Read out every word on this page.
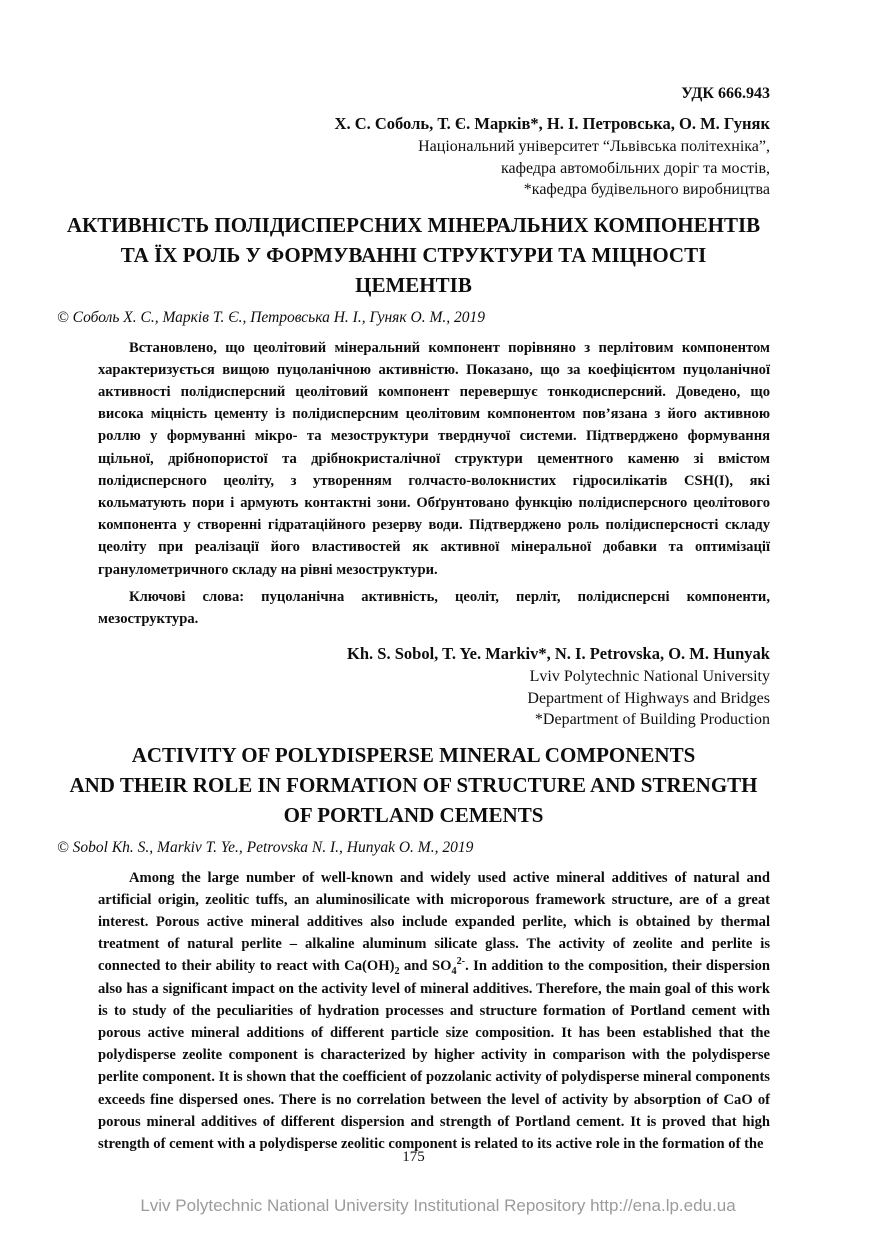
УДК 666.943
Х. С. Соболь, Т. Є. Марків*, Н. І. Петровська, О. М. Гуняк
Національний університет “Львівська політехніка”,
кафедра автомобільних доріг та мостів,
*кафедра будівельного виробництва
АКТИВНІСТЬ ПОЛІДИСПЕРСНИХ МІНЕРАЛЬНИХ КОМПОНЕНТІВ
ТА ЇХ РОЛЬ У ФОРМУВАННІ СТРУКТУРИ ТА МІЦНОСТІ
ЦЕМЕНТІВ
© Соболь Х. С., Марків Т. Є., Петровська Н. І., Гуняк О. М., 2019

Встановлено, що цеолітовий мінеральний компонент порівняно з перлітовим компонентом характеризується вищою пуцоланічною активністю. Показано, що за коефіцієнтом пуцоланічної активності полідисперсний цеолітовий компонент перевершує тонкодисперсний. Доведено, що висока міцність цементу із полідисперсним цеолітовим компонентом пов’язана з його активною роллю у формуванні мікро- та мезоструктури тверднучої системи. Підтверджено формування щільної, дрібнопористої та дрібнокристалічної структури цементного каменю зі вмістом полідисперсного цеоліту, з утворенням голчасто-волокнистих гідросилікатів CSH(I), які кольматують пори і армують контактні зони. Обґрунтовано функцію полідисперсного цеолітового компонента у створенні гідратаційного резерву води. Підтверджено роль полідисперсності складу цеоліту при реалізації його властивостей як активної мінеральної добавки та оптимізації гранулометричного складу на рівні мезоструктури.

Ключові слова: пуцоланічна активність, цеоліт, перліт, полідисперсні компоненти, мезоструктура.

Kh. S. Sobol, T. Ye. Markiv*, N. I. Petrovska, O. M. Hunyak
Lviv Polytechnic National University
Department of Highways and Bridges
*Department of Building Production
ACTIVITY OF POLYDISPERSE MINERAL COMPONENTS
AND THEIR ROLE IN FORMATION OF STRUCTURE AND STRENGTH
OF PORTLAND CEMENTS
© Sobol Kh. S., Markiv T. Ye., Petrovska N. I., Hunyak O. M., 2019

Among the large number of well-known and widely used active mineral additives of natural and artificial origin, zeolitic tuffs, an aluminosilicate with microporous framework structure, are of a great interest. Porous active mineral additives also include expanded perlite, which is obtained by thermal treatment of natural perlite – alkaline aluminum silicate glass. The activity of zeolite and perlite is connected to their ability to react with $Ca(OH)_2$ and $SO_4^{2-}$. In addition to the composition, their dispersion also has a significant impact on the activity level of mineral additives. Therefore, the main goal of this work is to study of the peculiarities of hydration processes and structure formation of Portland cement with porous active mineral additions of different particle size composition. It has been established that the polydisperse zeolite component is characterized by higher activity in comparison with the polydisperse perlite component. It is shown that the coefficient of pozzolanic activity of polydisperse mineral components exceeds fine dispersed ones. There is no correlation between the level of activity by absorption of CaO of porous mineral additives of different dispersion and strength of Portland cement. It is proved that high strength of cement with a polydisperse zeolitic component is related to its active role in the formation of the

175
Lviv Polytechnic National University Institutional Repository http://ena.lp.edu.ua
